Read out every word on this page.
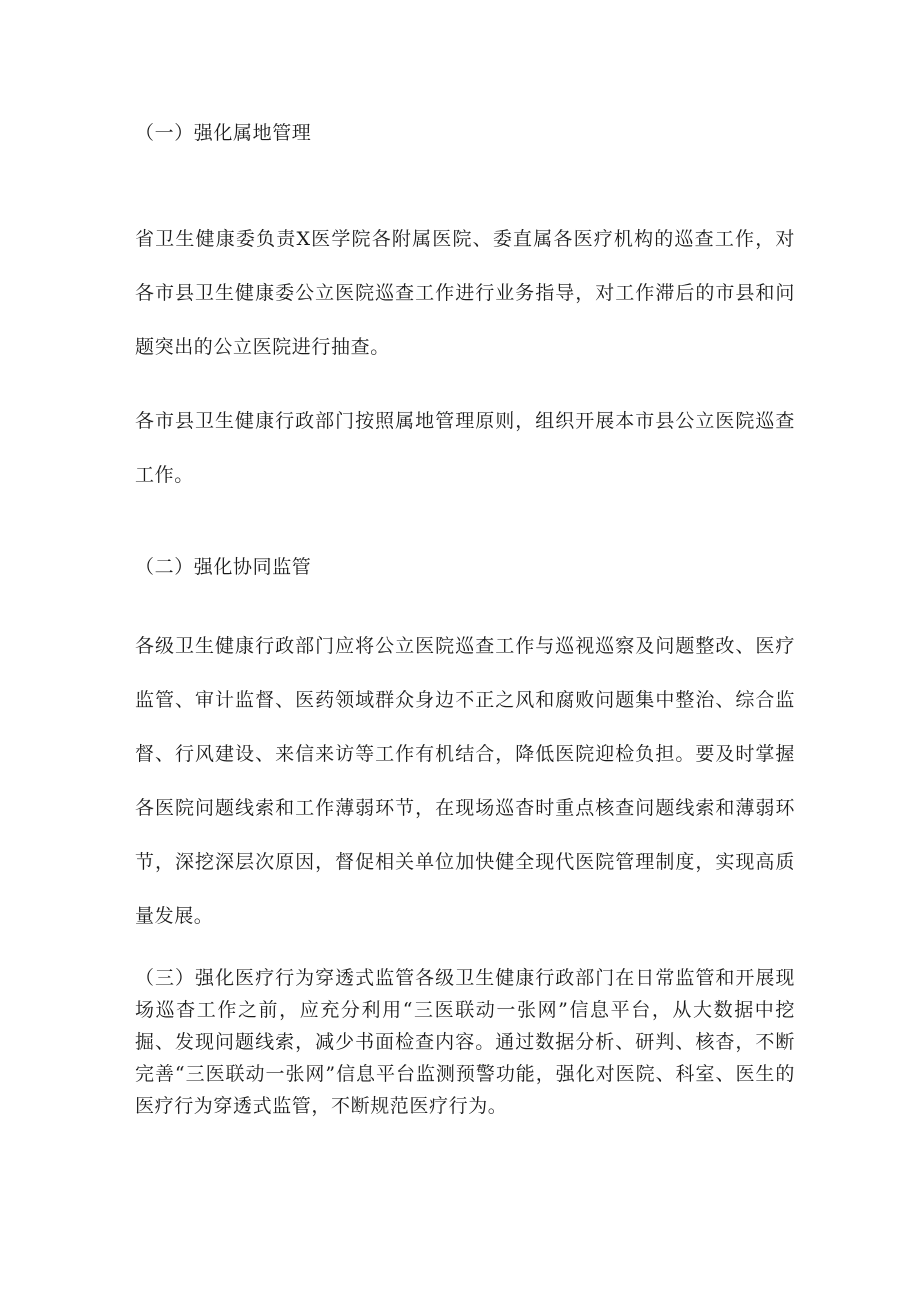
（一）强化属地管理

省卫生健康委负责X医学院各附属医院、委直属各医疗机构的巡查工作，对各市县卫生健康委公立医院巡查工作进行业务指导，对工作滞后的市县和问题突出的公立医院进行抽查。

各市县卫生健康行政部门按照属地管理原则，组织开展本市县公立医院巡查工作。

（二）强化协同监管

各级卫生健康行政部门应将公立医院巡查工作与巡视巡察及问题整改、医疗监管、审计监督、医药领域群众身边不正之风和腐败问题集中整治、综合监督、行风建设、来信来访等工作有机结合，降低医院迎检负担。要及时掌握各医院问题线索和工作薄弱环节，在现场巡杳时重点核查问题线索和薄弱环节，深挖深层次原因，督促相关单位加快健全现代医院管理制度，实现高质量发展。

（三）强化医疗行为穿透式监管各级卫生健康行政部门在日常监管和开展现场巡杳工作之前，应充分利用“三医联动一张网”信息平台，从大数据中挖掘、发现问题线索，减少书面检查内容。通过数据分析、研判、核杳，不断完善“三医联动一张网”信息平台监测预警功能，强化对医院、科室、医生的医疗行为穿透式监管，不断规范医疗行为。
